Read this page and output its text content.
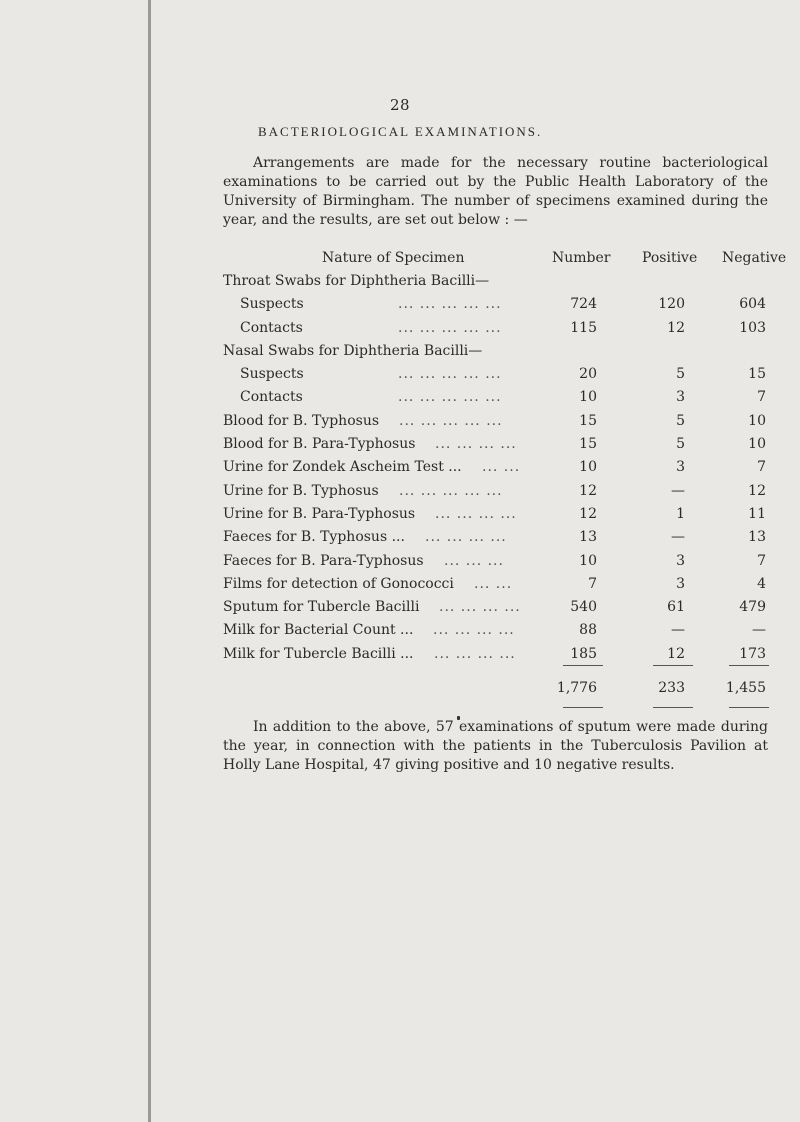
28
BACTERIOLOGICAL EXAMINATIONS.
Arrangements are made for the necessary routine bacteriological examinations to be carried out by the Public Health Laboratory of the University of Birmingham. The number of specimens examined during the year, and the results, are set out below : —
Nature of Specimen	Number Positive Negative
Throat Swabs for Diphtheria Bacilli—
Suspects	... ... ... ... ...	724	120	604
Contacts	... ... ... ... ...	115	12	103
Nasal Swabs for Diphtheria Bacilli—
Suspects	... ... ... ... ...	20	5	15
Contacts	... ... ... ... ...	10	3	7
Blood for B. Typhosus ... ... ... ... ...	15	5	10
Blood for B. Para-Typhosus ... ... ... ...	15	5	10
Urine for Zondek Ascheim Test ... ... ...	10	3	7
Urine for B. Typhosus ... ... ... ... ...	12	—	12
Urine for B. Para-Typhosus ... ... ... ...	12	1	11
Faeces for B. Typhosus ... ... ... ... ...	13	—	13
Faeces for B. Para-Typhosus ... ... ...	10	3	7
Films for detection of Gonococci ... ...	7	3	4
Sputum for Tubercle Bacilli ... ... ... ...	540	61	479
Milk for Bacterial Count ... ... ... ... ...	88	—	—
Milk for Tubercle Bacilli ... ... ... ... ...	185	12	173
1,776	233	1,455
In addition to the above, 57 examinations of sputum were made during the year, in connection with the patients in the Tuberculosis Pavilion at Holly Lane Hospital, 47 giving positive and 10 negative results.
